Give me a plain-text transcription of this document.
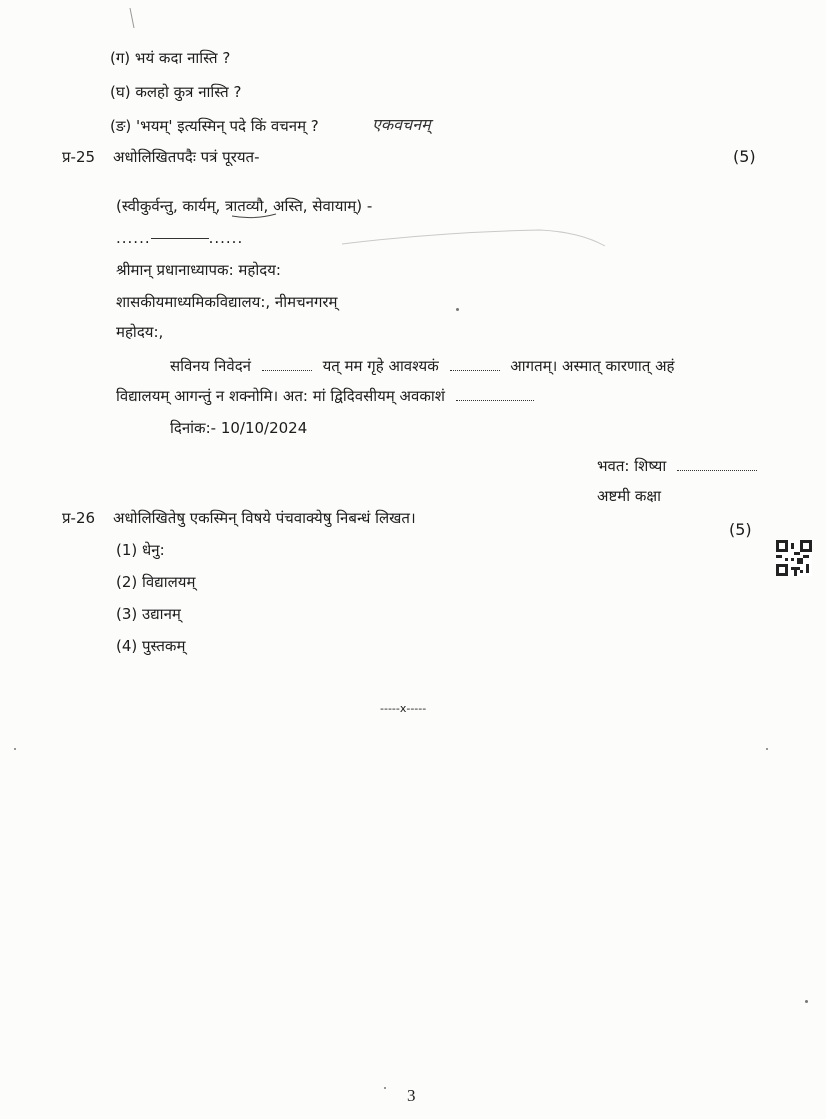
(ग) भयं कदा नास्ति ?
(घ) कलहो कुत्र नास्ति ?
(ङ) 'भयम्' इत्यस्मिन् पदे किं वचनम् ?	एकवचनम्
प्र-25 अधोलिखितपदैः पत्रं पूरयत-	(5)
(स्वीकुर्वन्तु, कार्यम्, त्रातव्यौ, अस्ति, सेवायाम्) -
......	......
श्रीमान् प्रधानाध्यापक: महोदय:
शासकीयमाध्यमिकविद्यालय:, नीमचनगरम्
महोदय:,
सविनय निवेदनं	यत् मम गृहे आवश्यकं	आगतम्। अस्मात् कारणात् अहं
विद्यालयम् आगन्तुं न शक्नोमि। अत: मां द्विदिवसीयम् अवकाशं
दिनांक:- 10/10/2024
भवत: शिष्या
अष्टमी कक्षा
प्र-26 अधोलिखितेषु एकस्मिन् विषये पंचवाक्येषु निबन्धं लिखत।
(5)
(1) धेनु:
(2) विद्यालयम्
(3) उद्यानम्
(4) पुस्तकम्
-----x-----
3
